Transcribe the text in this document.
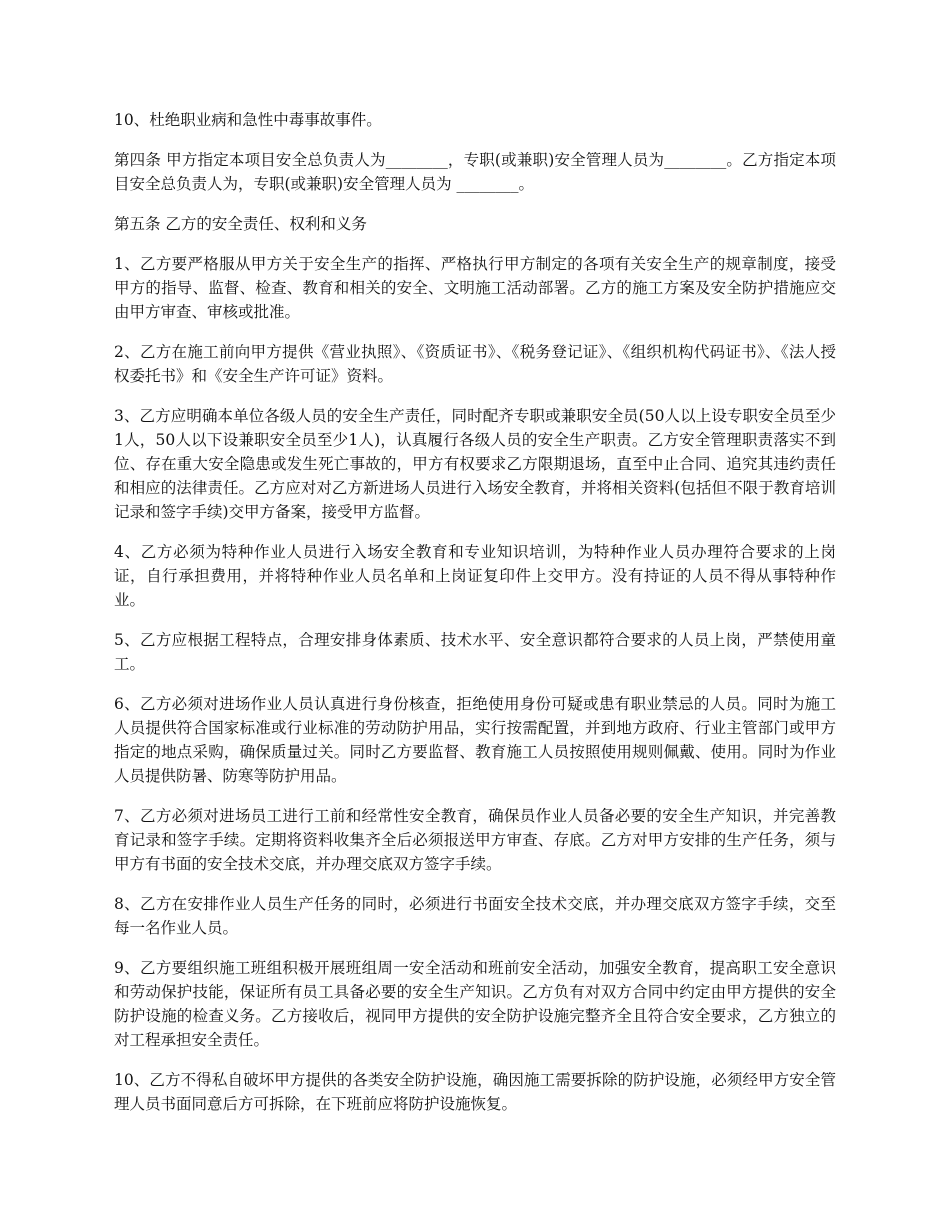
10、杜绝职业病和急性中毒事故事件。

第四条 甲方指定本项目安全总负责人为________，专职(或兼职)安全管理人员为________。乙方指定本项目安全总负责人为，专职(或兼职)安全管理人员为 ________。

第五条 乙方的安全责任、权利和义务

1、乙方要严格服从甲方关于安全生产的指挥、严格执行甲方制定的各项有关安全生产的规章制度，接受甲方的指导、监督、检查、教育和相关的安全、文明施工活动部署。乙方的施工方案及安全防护措施应交由甲方审查、审核或批准。

2、乙方在施工前向甲方提供《营业执照》、《资质证书》、《税务登记证》、《组织机构代码证书》、《法人授权委托书》和《安全生产许可证》资料。

3、乙方应明确本单位各级人员的安全生产责任，同时配齐专职或兼职安全员(50人以上设专职安全员至少1人，50人以下设兼职安全员至少1人)，认真履行各级人员的安全生产职责。乙方安全管理职责落实不到位、存在重大安全隐患或发生死亡事故的，甲方有权要求乙方限期退场，直至中止合同、追究其违约责任和相应的法律责任。乙方应对对乙方新进场人员进行入场安全教育，并将相关资料(包括但不限于教育培训记录和签字手续)交甲方备案，接受甲方监督。

4、乙方必须为特种作业人员进行入场安全教育和专业知识培训，为特种作业人员办理符合要求的上岗证，自行承担费用，并将特种作业人员名单和上岗证复印件上交甲方。没有持证的人员不得从事特种作业。

5、乙方应根据工程特点，合理安排身体素质、技术水平、安全意识都符合要求的人员上岗，严禁使用童工。

6、乙方必须对进场作业人员认真进行身份核查，拒绝使用身份可疑或患有职业禁忌的人员。同时为施工人员提供符合国家标准或行业标准的劳动防护用品，实行按需配置，并到地方政府、行业主管部门或甲方指定的地点采购，确保质量过关。同时乙方要监督、教育施工人员按照使用规则佩戴、使用。同时为作业人员提供防暑、防寒等防护用品。

7、乙方必须对进场员工进行工前和经常性安全教育，确保员作业人员备必要的安全生产知识，并完善教育记录和签字手续。定期将资料收集齐全后必须报送甲方审查、存底。乙方对甲方安排的生产任务，须与甲方有书面的安全技术交底，并办理交底双方签字手续。

8、乙方在安排作业人员生产任务的同时，必须进行书面安全技术交底，并办理交底双方签字手续，交至每一名作业人员。

9、乙方要组织施工班组积极开展班组周一安全活动和班前安全活动，加强安全教育，提高职工安全意识和劳动保护技能，保证所有员工具备必要的安全生产知识。乙方负有对双方合同中约定由甲方提供的安全防护设施的检查义务。乙方接收后，视同甲方提供的安全防护设施完整齐全且符合安全要求，乙方独立的对工程承担安全责任。

10、乙方不得私自破坏甲方提供的各类安全防护设施，确因施工需要拆除的防护设施，必须经甲方安全管理人员书面同意后方可拆除，在下班前应将防护设施恢复。
